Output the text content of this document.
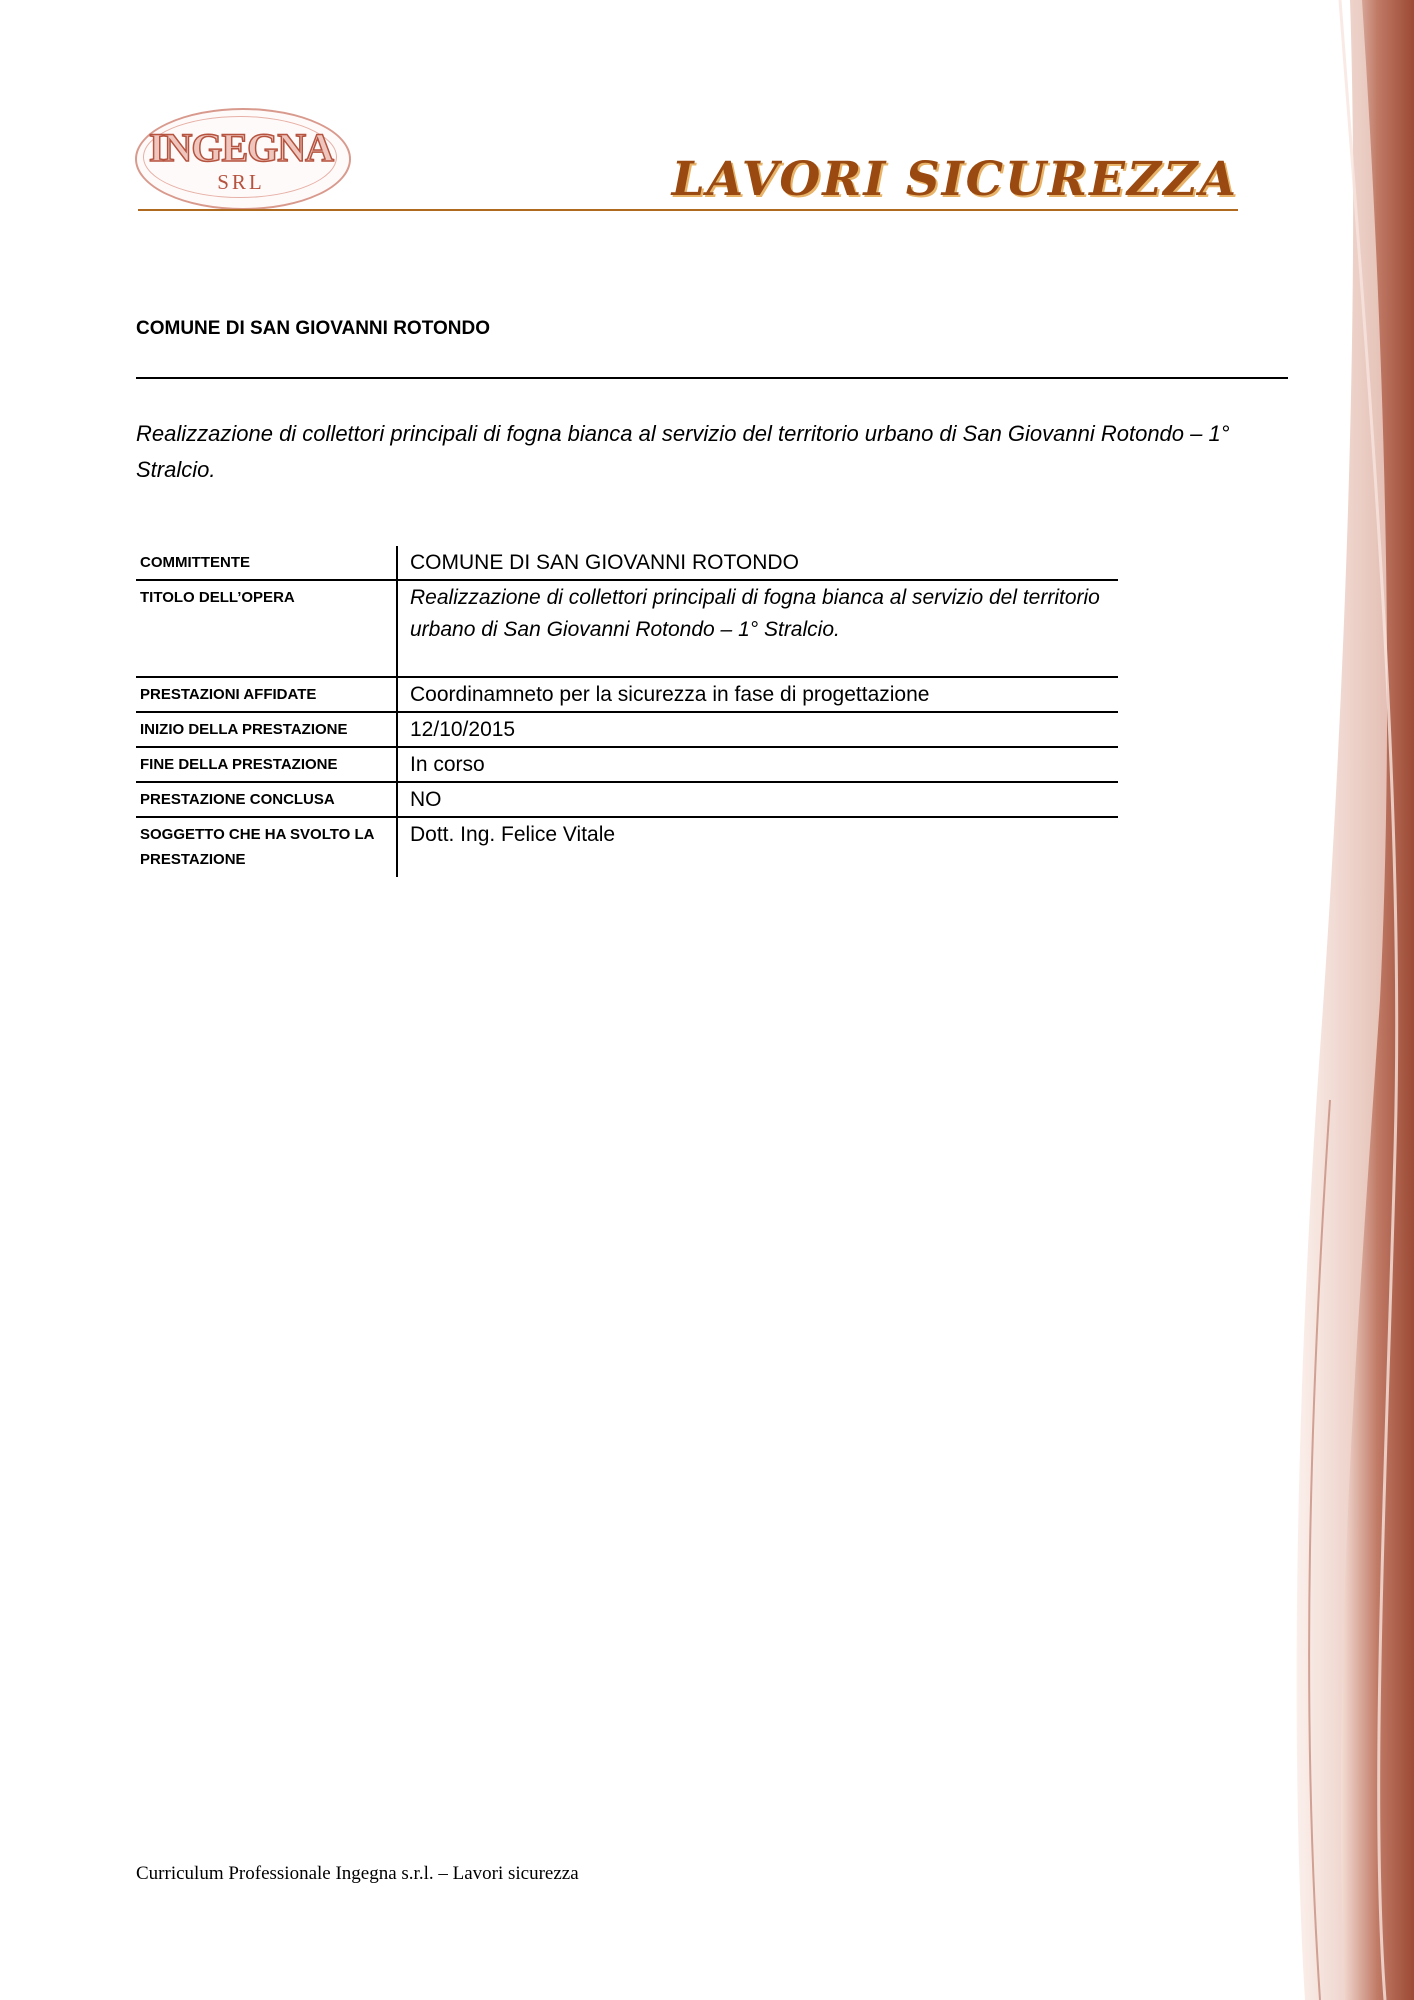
INGEGNA
SRL	LAVORI SICUREZZA
COMUNE DI SAN GIOVANNI ROTONDO
Realizzazione di collettori principali di fogna bianca al servizio del territorio urbano di San Giovanni Rotondo – 1° Stralcio.
COMMITTENTE	COMUNE DI SAN GIOVANNI ROTONDO
TITOLO DELL’OPERA	Realizzazione di collettori principali di fogna bianca al servizio del territorio urbano di San Giovanni Rotondo – 1° Stralcio.
PRESTAZIONI AFFIDATE	Coordinamneto per la sicurezza in fase di progettazione
INIZIO DELLA PRESTAZIONE	12/10/2015
FINE DELLA PRESTAZIONE	In corso
PRESTAZIONE CONCLUSA	NO
SOGGETTO CHE HA SVOLTO LA PRESTAZIONE	Dott. Ing. Felice Vitale
Curriculum Professionale Ingegna s.r.l. – Lavori sicurezza
